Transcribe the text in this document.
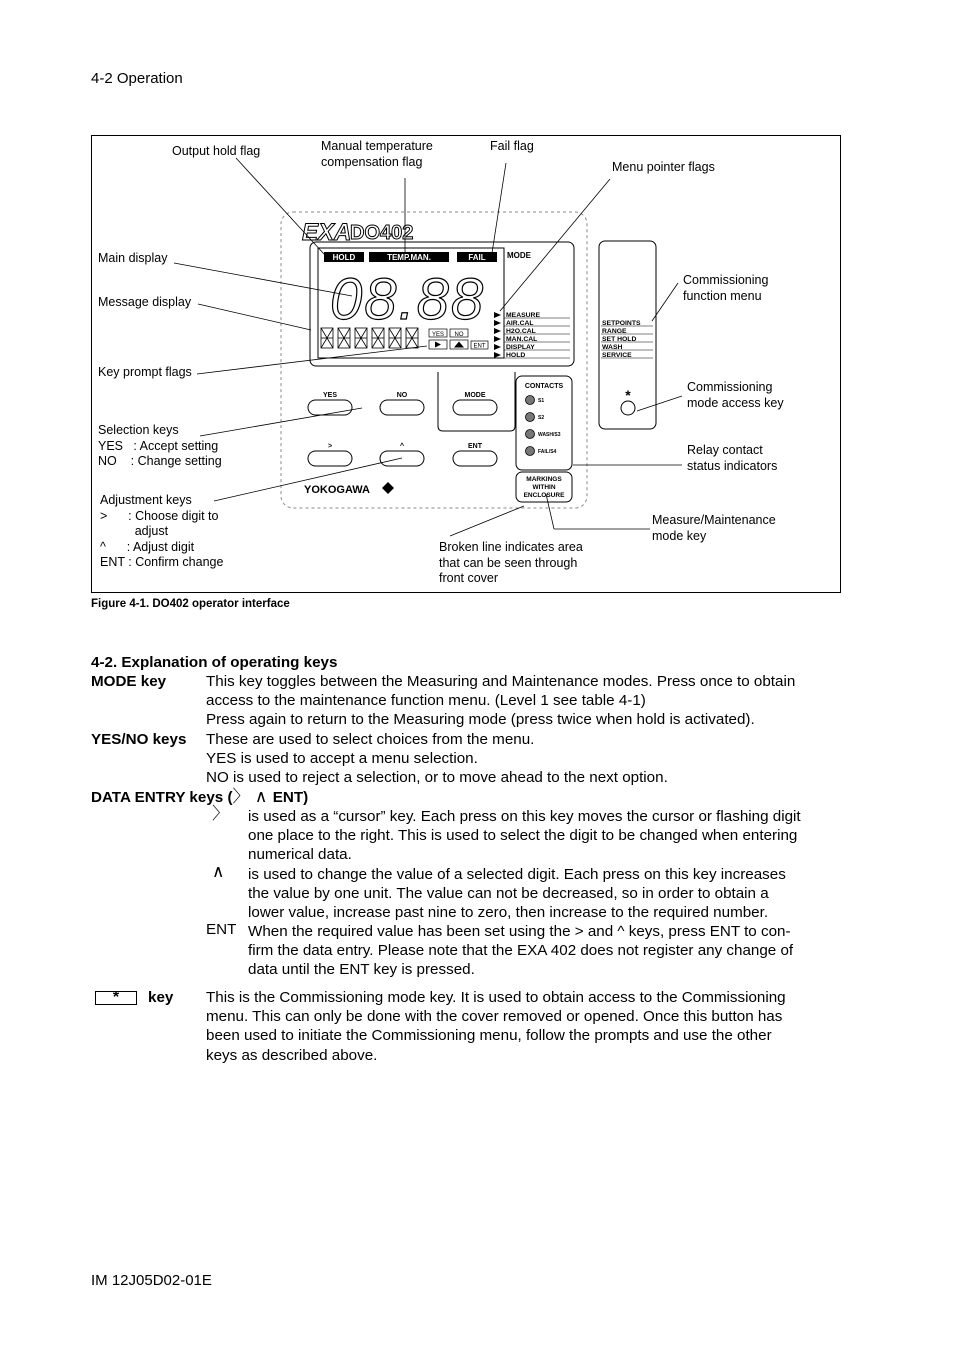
4-2 Operation
EXA
DO402
HOLD	TEMP.MAN.	FAIL	MODE
08.88
YES NO
ENT
MEASURE
AIR.CAL
H2O.CAL
MAN.CAL
DISPLAY
HOLD
SETPOINTS
RANGE
SET HOLD
WASH
SERVICE
*
YES	NO	MODE
>	^	ENT
CONTACTS
S1
S2
WASH/S3
FAIL/S4
MARKINGS
WITHIN
ENCLOSURE
YOKOGAWA
Output hold flag	Manual temperature
compensation flag
Fail flag
Menu pointer flags
Main display
Message display
Key prompt flags
Selection keys
YES   : Accept setting
NO    : Change setting
Adjustment keys
>      : Choose digit to
adjust
^      : Adjust digit
ENT : Confirm change
Commissioning
function menu
Commissioning
mode access key
Relay contact
status indicators
Measure/Maintenance
mode key
Broken line indicates area
that can be seen through
front cover
Figure 4-1. DO402 operator interface
4-2. Explanation of operating keys
MODE key	This key toggles between the Measuring and Maintenance modes. Press once to obtain
access to the maintenance function menu. (Level 1 see table 4-1)
Press again to return to the Measuring mode (press twice when hold is activated).
YES/NO keys These are used to select choices from the menu.
YES is used to accept a menu selection.
NO is used to reject a selection, or to move ahead to the next option.
DATA ENTRY keys (〉 ∧ ENT)
〉 is used as a “cursor” key. Each press on this key moves the cursor or flashing digit
one place to the right. This is used to select the digit to be changed when entering
numerical data.
∧ is used to change the value of a selected digit. Each press on this key increases
the value by one unit. The value can not be decreased, so in order to obtain a
lower value, increase past nine to zero, then increase to the required number.
ENT When the required value has been set using the > and ^ keys, press ENT to con-
firm the data entry. Please note that the EXA 402 does not register any change of
data until the ENT key is pressed.
*	key This is the Commissioning mode key. It is used to obtain access to the Commissioning
menu. This can only be done with the cover removed or opened. Once this button has
been used to initiate the Commissioning menu, follow the prompts and use the other
keys as described above.
IM 12J05D02-01E
